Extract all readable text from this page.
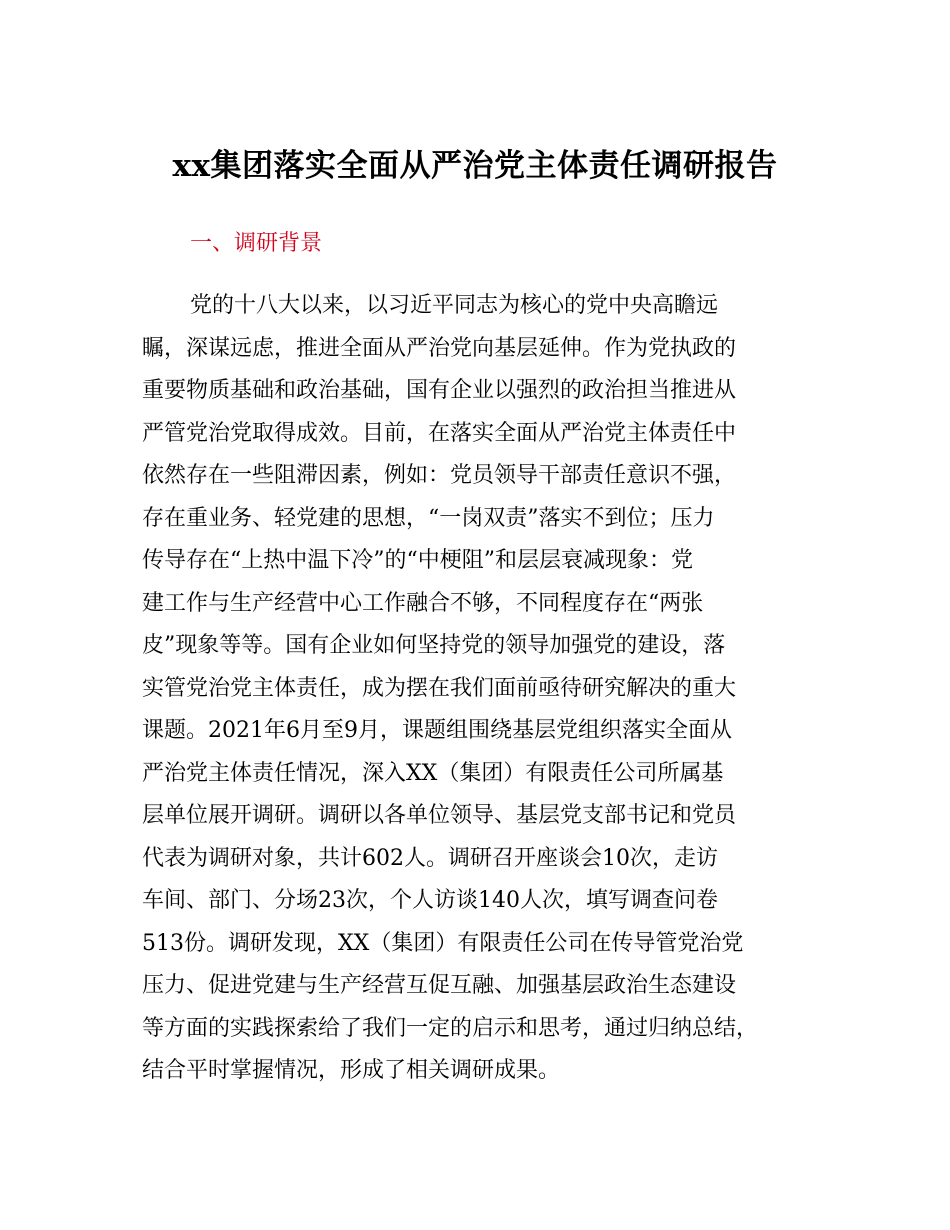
xx集团落实全面从严治党主体责任调研报告
一、调研背景
党的十八大以来，以习近平同志为核心的党中央高瞻远
瞩，深谋远虑，推进全面从严治党向基层延伸。作为党执政的
重要物质基础和政治基础，国有企业以强烈的政治担当推进从
严管党治党取得成效。目前，在落实全面从严治党主体责任中
依然存在一些阻滞因素，例如：党员领导干部责任意识不强，
存在重业务、轻党建的思想，“一岗双责”落实不到位；压力
传导存在“上热中温下冷”的“中梗阻”和层层衰减现象：党
建工作与生产经营中心工作融合不够，不同程度存在“两张
皮”现象等等。国有企业如何坚持党的领导加强党的建设，落
实管党治党主体责任，成为摆在我们面前亟待研究解决的重大
课题。2021年6月至9月，课题组围绕基层党组织落实全面从
严治党主体责任情况，深入XX（集团）有限责任公司所属基
层单位展开调研。调研以各单位领导、基层党支部书记和党员
代表为调研对象，共计602人。调研召开座谈会10次，走访
车间、部门、分场23次，个人访谈140人次，填写调查问卷
513份。调研发现，XX（集团）有限责任公司在传导管党治党
压力、促进党建与生产经营互促互融、加强基层政治生态建设
等方面的实践探索给了我们一定的启示和思考，通过归纳总结，
结合平时掌握情况，形成了相关调研成果。
